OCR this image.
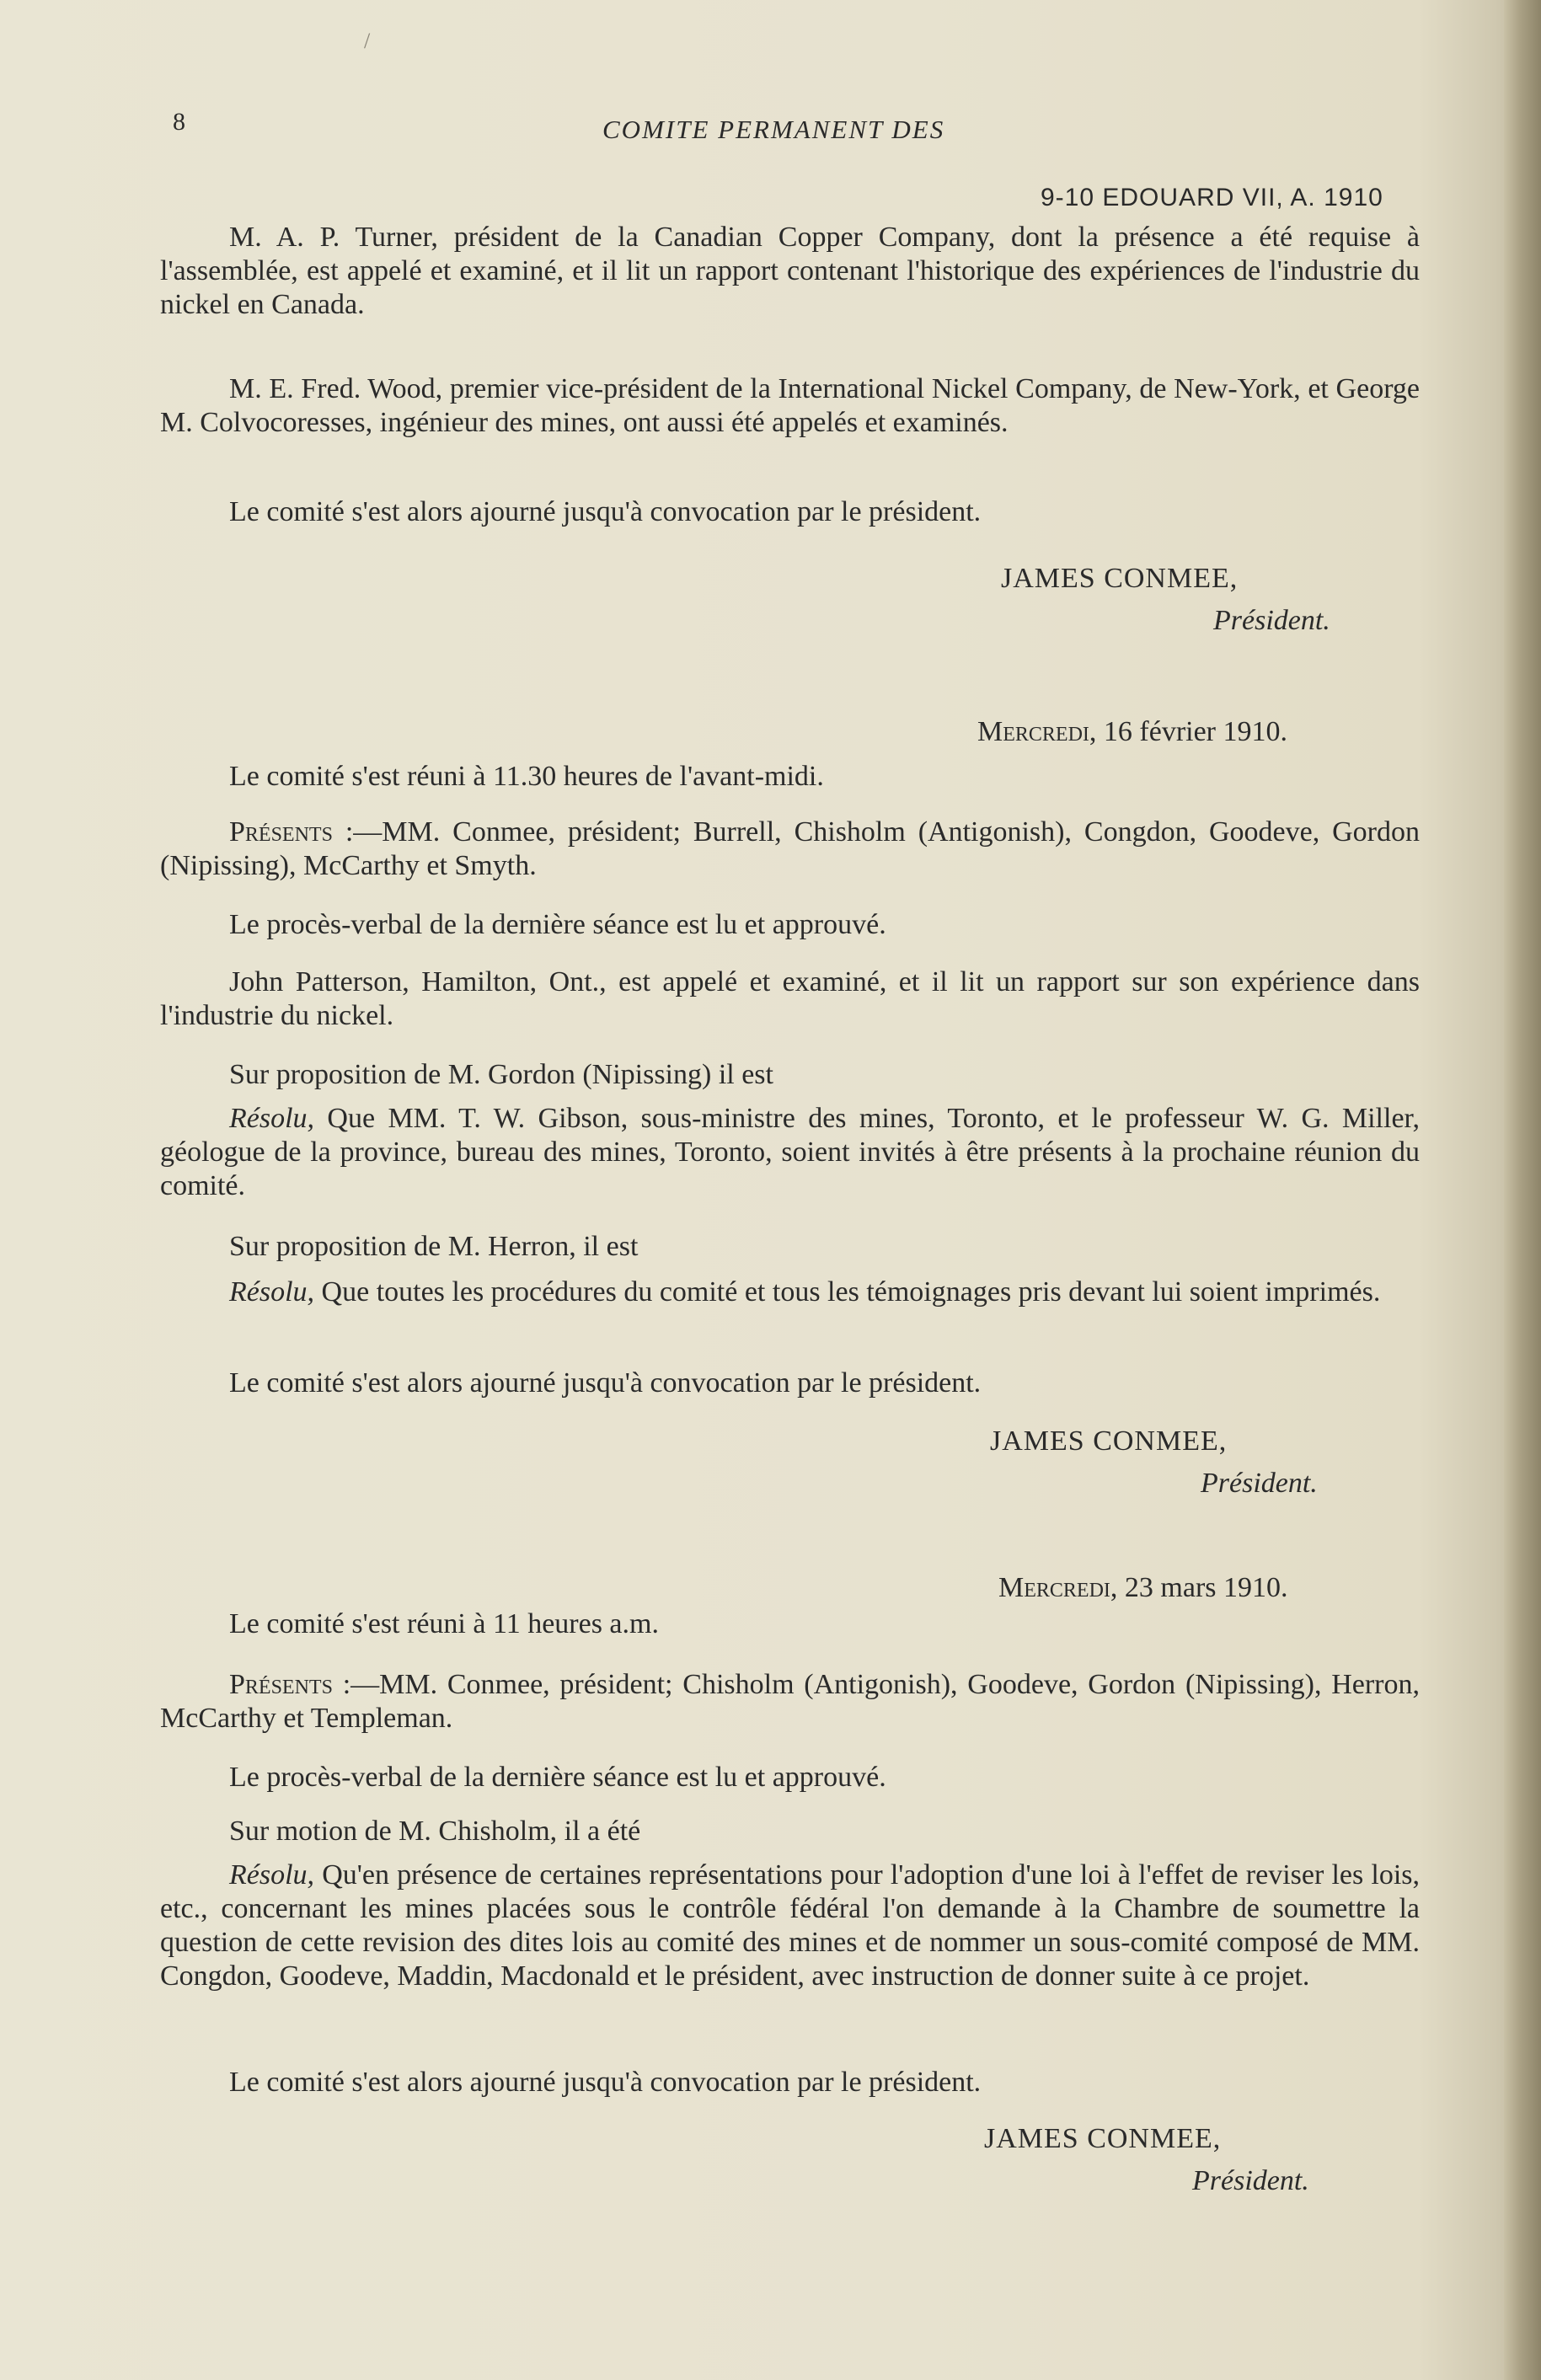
/
8	COMITE PERMANENT DES
9-10 EDOUARD VII, A. 1910
M. A. P. Turner, président de la Canadian Copper Company, dont la présence a été requise à l'assemblée, est appelé et examiné, et il lit un rapport contenant l'historique des expériences de l'industrie du nickel en Canada.
M. E. Fred. Wood, premier vice-président de la International Nickel Company, de New-York, et George M. Colvocoresses, ingénieur des mines, ont aussi été appelés et examinés.
Le comité s'est alors ajourné jusqu'à convocation par le président.
JAMES CONMEE,
Président.
Mercredi, 16 février 1910.
Le comité s'est réuni à 11.30 heures de l'avant-midi.
Présents :—MM. Conmee, président; Burrell, Chisholm (Antigonish), Congdon, Goodeve, Gordon (Nipissing), McCarthy et Smyth.
Le procès-verbal de la dernière séance est lu et approuvé.
John Patterson, Hamilton, Ont., est appelé et examiné, et il lit un rapport sur son expérience dans l'industrie du nickel.
Sur proposition de M. Gordon (Nipissing) il est
Résolu, Que MM. T. W. Gibson, sous-ministre des mines, Toronto, et le professeur W. G. Miller, géologue de la province, bureau des mines, Toronto, soient invités à être présents à la prochaine réunion du comité.
Sur proposition de M. Herron, il est
Résolu, Que toutes les procédures du comité et tous les témoignages pris devant lui soient imprimés.
Le comité s'est alors ajourné jusqu'à convocation par le président.
JAMES CONMEE,
Président.
Mercredi, 23 mars 1910.
Le comité s'est réuni à 11 heures a.m.
Présents :—MM. Conmee, président; Chisholm (Antigonish), Goodeve, Gordon (Nipissing), Herron, McCarthy et Templeman.
Le procès-verbal de la dernière séance est lu et approuvé.
Sur motion de M. Chisholm, il a été
Résolu, Qu'en présence de certaines représentations pour l'adoption d'une loi à l'effet de reviser les lois, etc., concernant les mines placées sous le contrôle fédéral l'on demande à la Chambre de soumettre la question de cette revision des dites lois au comité des mines et de nommer un sous-comité composé de MM. Congdon, Goodeve, Maddin, Macdonald et le président, avec instruction de donner suite à ce projet.
Le comité s'est alors ajourné jusqu'à convocation par le président.
JAMES CONMEE,
Président.
